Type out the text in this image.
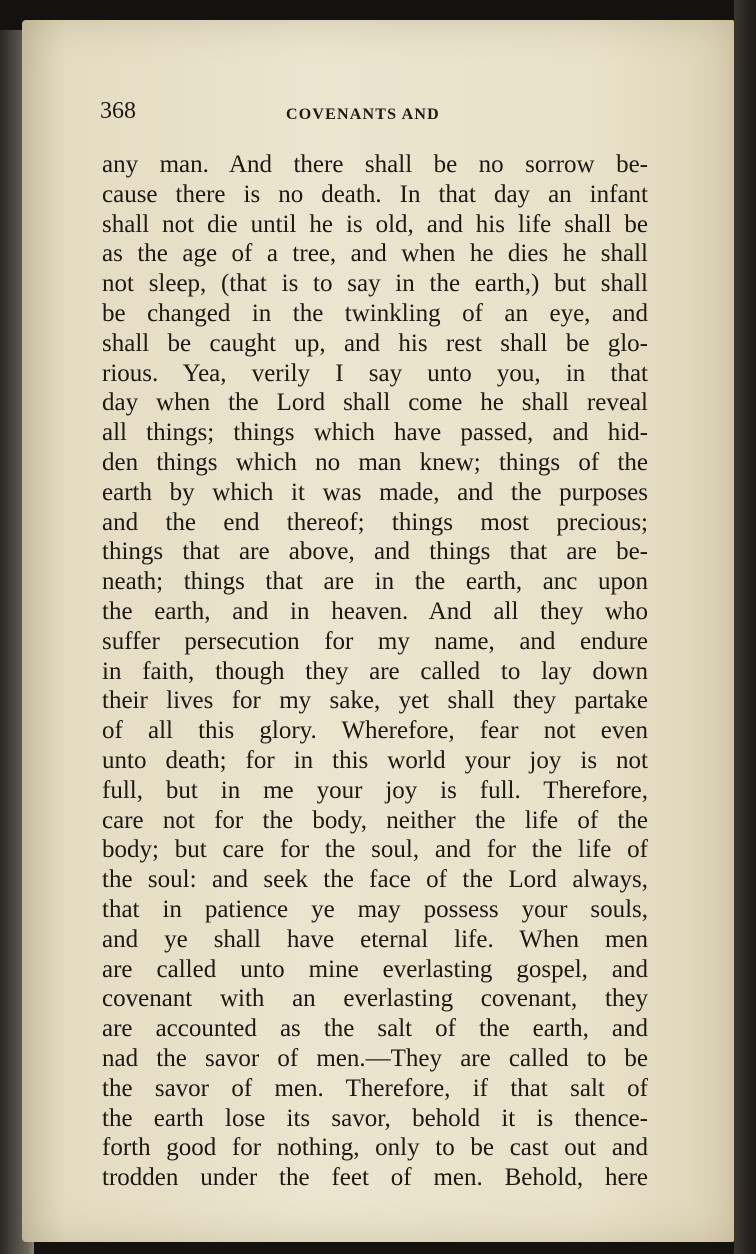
368	COVENANTS AND
any man. And there shall be no sorrow be-
cause there is no death. In that day an infant
shall not die until he is old, and his life shall be
as the age of a tree, and when he dies he shall
not sleep, (that is to say in the earth,) but shall
be changed in the twinkling of an eye, and
shall be caught up, and his rest shall be glo-
rious. Yea, verily I say unto you, in that
day when the Lord shall come he shall reveal
all things; things which have passed, and hid-
den things which no man knew; things of the
earth by which it was made, and the purposes
and the end thereof; things most precious;
things that are above, and things that are be-
neath; things that are in the earth, anc upon
the earth, and in heaven. And all they who
suffer persecution for my name, and endure
in faith, though they are called to lay down
their lives for my sake, yet shall they partake
of all this glory. Wherefore, fear not even
unto death; for in this world your joy is not
full, but in me your joy is full. Therefore,
care not for the body, neither the life of the
body; but care for the soul, and for the life of
the soul: and seek the face of the Lord always,
that in patience ye may possess your souls,
and ye shall have eternal life. When men
are called unto mine everlasting gospel, and
covenant with an everlasting covenant, they
are accounted as the salt of the earth, and
nad the savor of men.—They are called to be
the savor of men. Therefore, if that salt of
the earth lose its savor, behold it is thence-
forth good for nothing, only to be cast out and
trodden under the feet of men. Behold, here
